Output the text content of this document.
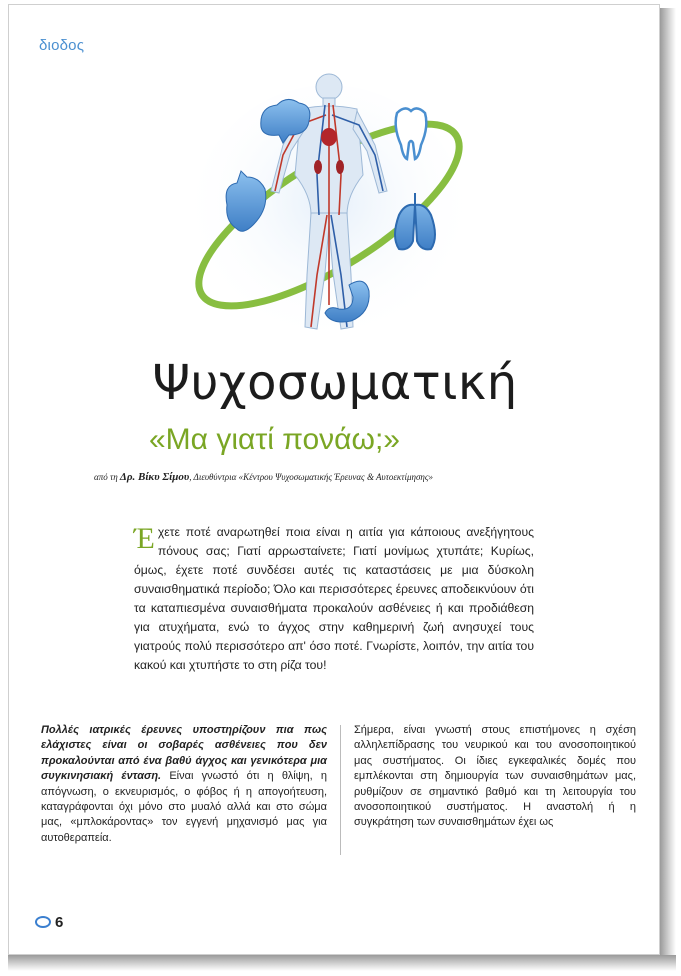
διοδος
Ψυχοσωματική
«Μα γιατί πονάω;»
από τη Δρ. Βίκυ Σίμου, Διευθύντρια «Κέντρου Ψυχοσωματικής Έρευνας & Αυτοεκτίμησης»
Έχετε ποτέ αναρωτηθεί ποια είναι η αιτία για κάποιους ανεξήγητους πόνους σας; Γιατί αρρωσταίνετε; Γιατί μονίμως χτυπάτε; Κυρίως, όμως, έχετε ποτέ συνδέσει αυτές τις καταστάσεις με μια δύσκολη συναισθηματικά περίοδο; Όλο και περισσότερες έρευνες αποδεικνύουν ότι τα καταπιεσμένα συναισθήματα προκαλούν ασθένειες ή και προδιάθεση για ατυχήματα, ενώ το άγχος στην καθημερινή ζωή ανησυχεί τους γιατρούς πολύ περισσότερο απ' όσο ποτέ. Γνωρίστε, λοιπόν, την αιτία του κακού και χτυπήστε το στη ρίζα του!
Πολλές ιατρικές έρευνες υποστηρίζουν πια πως ελάχιστες είναι οι σοβαρές ασθένειες που δεν προκαλούνται από ένα βαθύ άγχος και γενικότερα μια συγκινησιακή ένταση. Είναι γνωστό ότι η θλίψη, η απόγνωση, ο εκνευρισμός, ο φόβος ή η απογοήτευση, καταγράφονται όχι μόνο στο μυαλό αλλά και στο σώμα μας, «μπλοκάροντας» τον εγγενή μηχανισμό μας για αυτοθεραπεία.
Σήμερα, είναι γνωστή στους επιστήμονες η σχέση αλληλεπίδρασης του νευρικού και του ανοσοποιητικού μας συστήματος. Οι ίδιες εγκεφαλικές δομές που εμπλέκονται στη δημιουργία των συναισθημάτων μας, ρυθμίζουν σε σημαντικό βαθμό και τη λειτουργία του ανοσοποιητικού συστήματος. Η αναστολή ή η συγκράτηση των συναισθημάτων έχει ως
6
